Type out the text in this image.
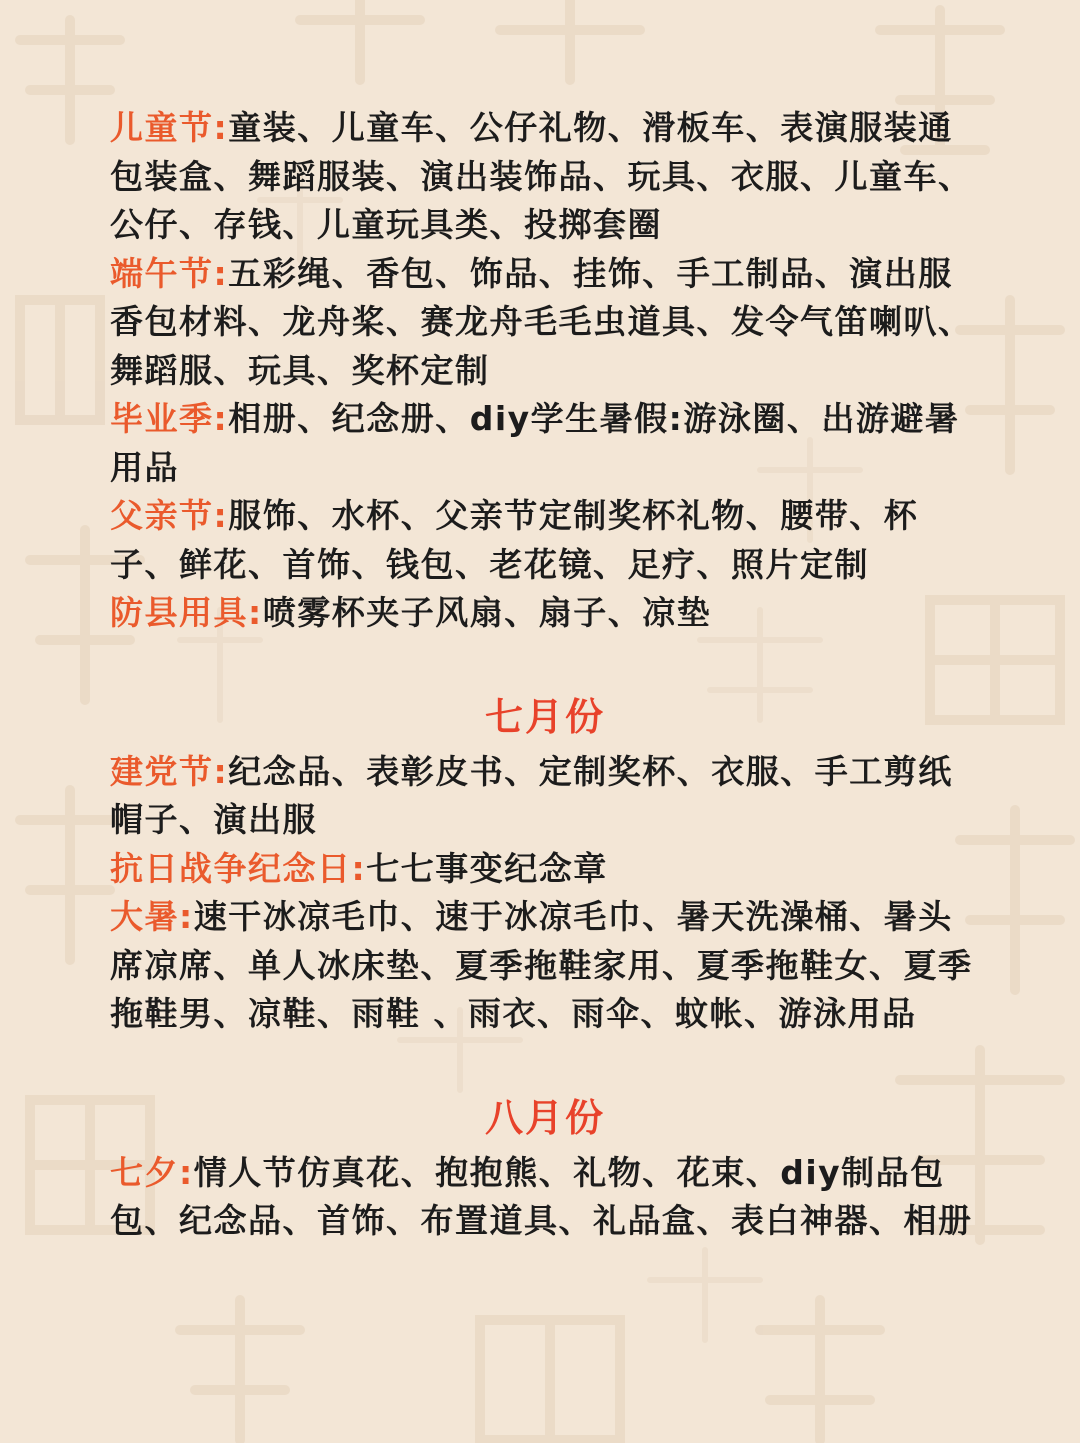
儿童节:童装、儿童车、公仔礼物、滑板车、表演服装通包装盒、舞蹈服装、演出装饰品、玩具、衣服、儿童车、公仔、存钱、儿童玩具类、投掷套圈

端午节:五彩绳、香包、饰品、挂饰、手工制品、演出服香包材料、龙舟桨、赛龙舟毛毛虫道具、发令气笛喇叭、舞蹈服、玩具、奖杯定制

毕业季:相册、纪念册、diy学生暑假:游泳圈、出游避暑用品

父亲节:服饰、水杯、父亲节定制奖杯礼物、腰带、杯子、鲜花、首饰、钱包、老花镜、足疗、照片定制

防县用具:喷雾杯夹子风扇、扇子、凉垫

七月份

建党节:纪念品、表彰皮书、定制奖杯、衣服、手工剪纸帽子、演出服

抗日战争纪念日:七七事变纪念章

大暑:速干冰凉毛巾、速于冰凉毛巾、暑天洗澡桶、暑头席凉席、单人冰床垫、夏季拖鞋家用、夏季拖鞋女、夏季拖鞋男、凉鞋、雨鞋 、雨衣、雨伞、蚊帐、游泳用品

八月份

七夕:情人节仿真花、抱抱熊、礼物、花束、diy制品包包、纪念品、首饰、布置道具、礼品盒、表白神器、相册
